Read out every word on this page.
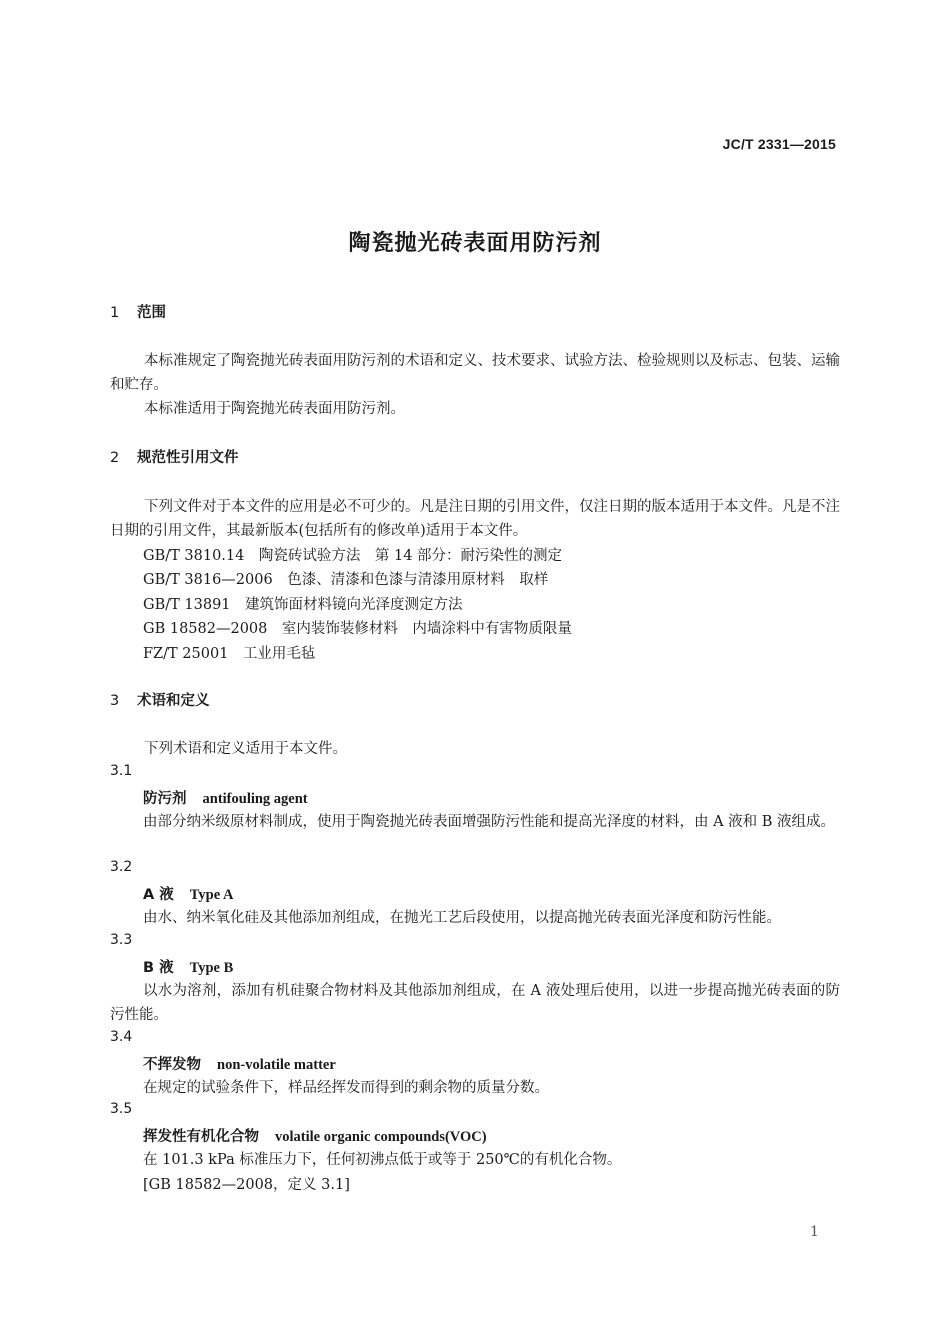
JC/T 2331—2015
陶瓷抛光砖表面用防污剂
1 范围
本标准规定了陶瓷抛光砖表面用防污剂的术语和定义、技术要求、试验方法、检验规则以及标志、包装、运输和贮存。
本标准适用于陶瓷抛光砖表面用防污剂。
2 规范性引用文件
下列文件对于本文件的应用是必不可少的。凡是注日期的引用文件，仅注日期的版本适用于本文件。凡是不注日期的引用文件，其最新版本(包括所有的修改单)适用于本文件。
GB/T 3810.14　 陶瓷砖试验方法　第 14 部分：耐污染性的测定
GB/T 3816—2006　 色漆、清漆和色漆与清漆用原材料　取样
GB/T 13891　 建筑饰面材料镜向光泽度测定方法
GB 18582—2008　 室内装饰装修材料　内墙涂料中有害物质限量
FZ/T 25001　 工业用毛毡
3 术语和定义
下列术语和定义适用于本文件。
3.1
防污剂 antifouling agent
由部分纳米级原材料制成，使用于陶瓷抛光砖表面增强防污性能和提高光泽度的材料，由 A 液和 B 液组成。
3.2
A 液 Type A
由水、纳米氧化硅及其他添加剂组成，在抛光工艺后段使用，以提高抛光砖表面光泽度和防污性能。
3.3
B 液 Type B
以水为溶剂，添加有机硅聚合物材料及其他添加剂组成，在 A 液处理后使用，以进一步提高抛光砖表面的防污性能。
3.4
不挥发物 non-volatile matter
在规定的试验条件下，样品经挥发而得到的剩余物的质量分数。
3.5
挥发性有机化合物 volatile organic compounds(VOC)
在 101.3 kPa 标准压力下，任何初沸点低于或等于 250℃的有机化合物。
[GB 18582—2008，定义 3.1]
1
